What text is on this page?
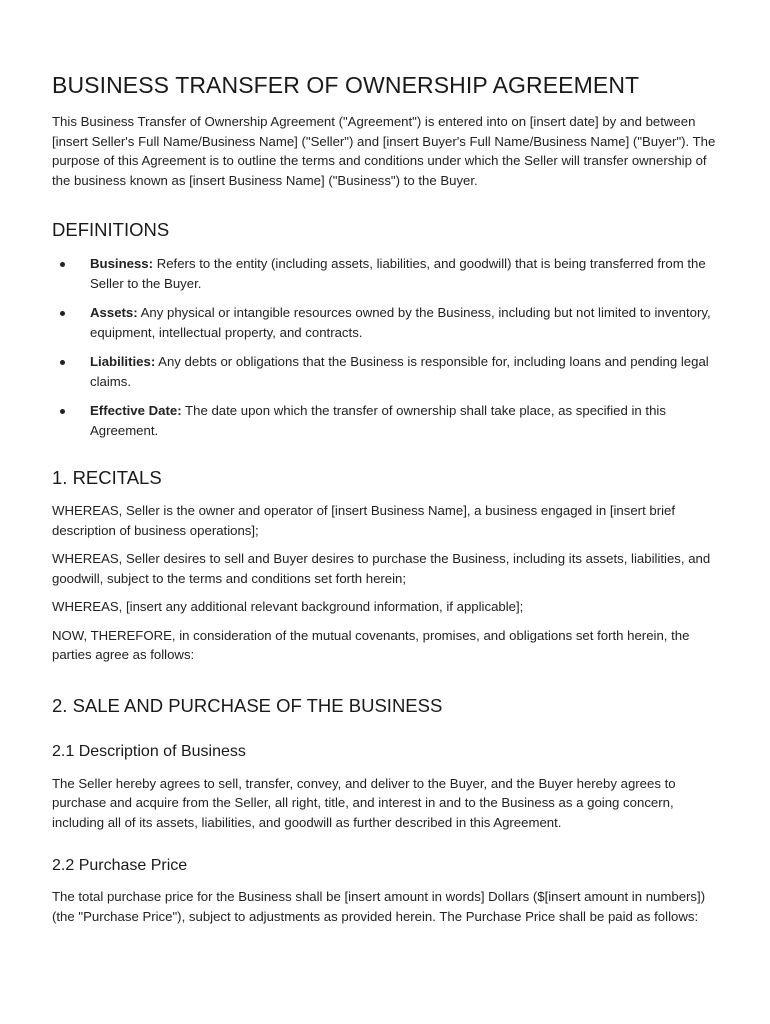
BUSINESS TRANSFER OF OWNERSHIP AGREEMENT

This Business Transfer of Ownership Agreement ("Agreement") is entered into on [insert date] by and between [insert Seller's Full Name/Business Name] ("Seller") and [insert Buyer's Full Name/Business Name] ("Buyer"). The purpose of this Agreement is to outline the terms and conditions under which the Seller will transfer ownership of the business known as [insert Business Name] ("Business") to the Buyer.

DEFINITIONS
Business: Refers to the entity (including assets, liabilities, and goodwill) that is being transferred from the Seller to the Buyer.
Assets: Any physical or intangible resources owned by the Business, including but not limited to inventory, equipment, intellectual property, and contracts.
Liabilities: Any debts or obligations that the Business is responsible for, including loans and pending legal claims.
Effective Date: The date upon which the transfer of ownership shall take place, as specified in this Agreement.
1. RECITALS

WHEREAS, Seller is the owner and operator of [insert Business Name], a business engaged in [insert brief description of business operations];

WHEREAS, Seller desires to sell and Buyer desires to purchase the Business, including its assets, liabilities, and goodwill, subject to the terms and conditions set forth herein;

WHEREAS, [insert any additional relevant background information, if applicable];

NOW, THEREFORE, in consideration of the mutual covenants, promises, and obligations set forth herein, the parties agree as follows:

2. SALE AND PURCHASE OF THE BUSINESS
2.1 Description of Business

The Seller hereby agrees to sell, transfer, convey, and deliver to the Buyer, and the Buyer hereby agrees to purchase and acquire from the Seller, all right, title, and interest in and to the Business as a going concern, including all of its assets, liabilities, and goodwill as further described in this Agreement.

2.2 Purchase Price

The total purchase price for the Business shall be [insert amount in words] Dollars ($[insert amount in numbers]) (the "Purchase Price"), subject to adjustments as provided herein. The Purchase Price shall be paid as follows:
